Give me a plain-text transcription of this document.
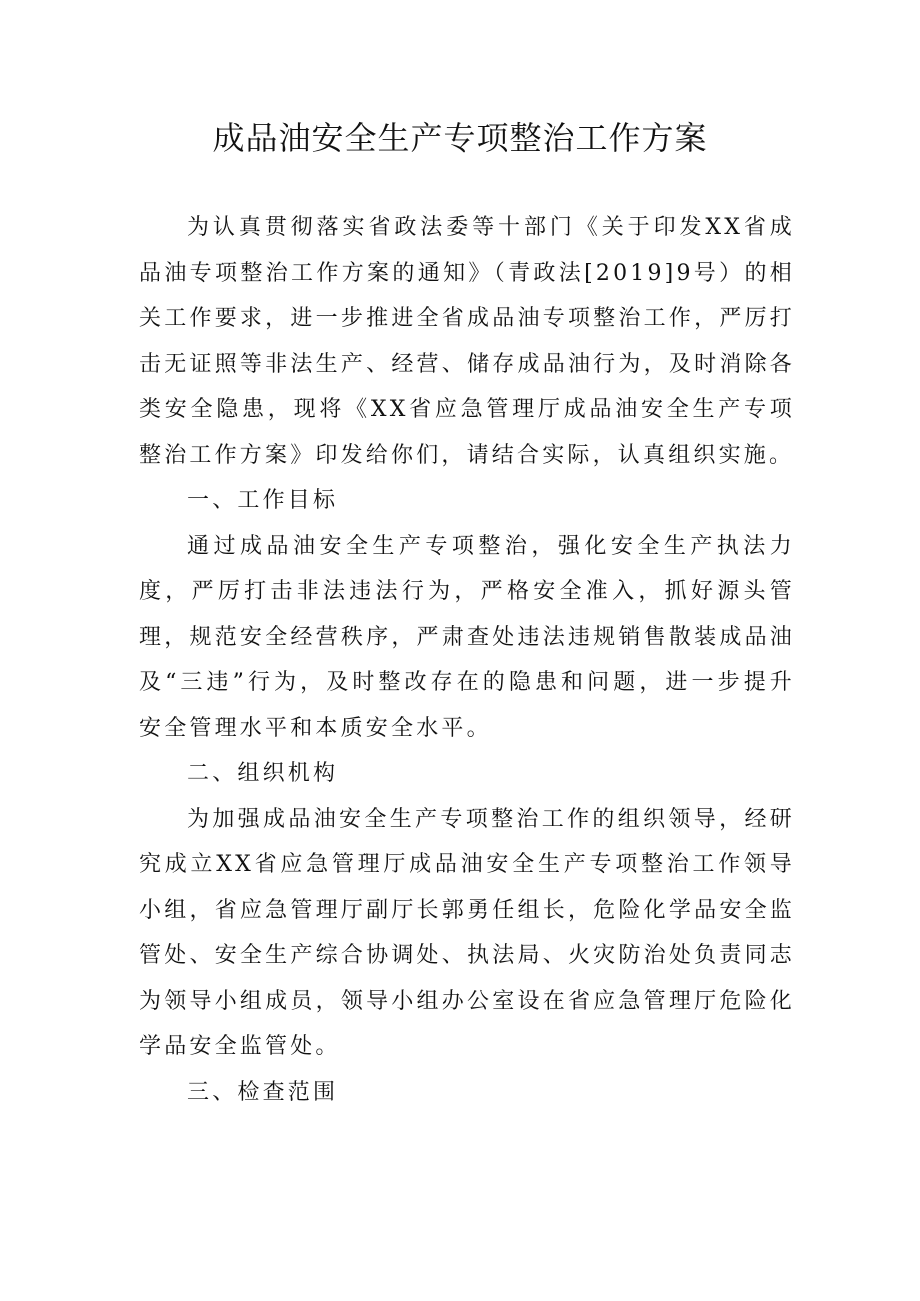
成品油安全生产专项整治工作方案

为认真贯彻落实省政法委等十部门《关于印发XX省成品油专项整治工作方案的通知》（青政法[2019]9号）的相关工作要求，进一步推进全省成品油专项整治工作，严厉打击无证照等非法生产、经营、储存成品油行为，及时消除各类安全隐患，现将《XX省应急管理厅成品油安全生产专项整治工作方案》印发给你们，请结合实际，认真组织实施。

一、工作目标

通过成品油安全生产专项整治，强化安全生产执法力度，严厉打击非法违法行为，严格安全准入，抓好源头管理，规范安全经营秩序，严肃查处违法违规销售散装成品油及“三违”行为，及时整改存在的隐患和问题，进一步提升安全管理水平和本质安全水平。

二、组织机构

为加强成品油安全生产专项整治工作的组织领导，经研究成立XX省应急管理厅成品油安全生产专项整治工作领导小组，省应急管理厅副厅长郭勇任组长，危险化学品安全监管处、安全生产综合协调处、执法局、火灾防治处负责同志为领导小组成员，领导小组办公室设在省应急管理厅危险化学品安全监管处。

三、检查范围
